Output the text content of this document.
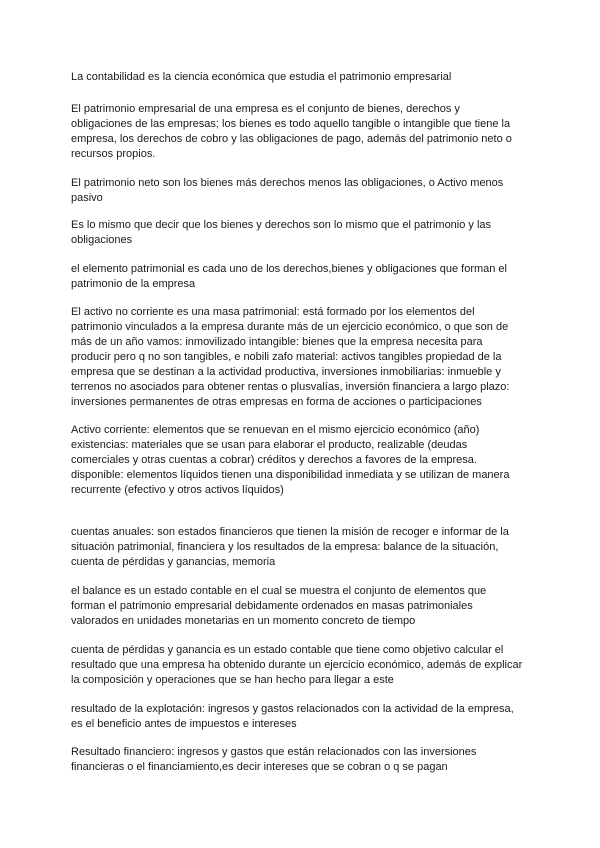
La contabilidad es la ciencia económica que estudia el patrimonio empresarial

El patrimonio empresarial de una empresa es el conjunto de bienes, derechos y
obligaciones de las empresas; los bienes es todo aquello tangible o intangible que tiene la
empresa, los derechos de cobro y las obligaciones de pago, además del patrimonio neto o
recursos propios.

El patrimonio neto son los bienes más derechos menos las obligaciones, o Activo menos
pasivo

Es lo mismo que decir que los bienes y derechos son lo mismo que el patrimonio y las
obligaciones

el elemento patrimonial es cada uno de los derechos,bienes y obligaciones que forman el
patrimonio de la empresa

El activo no corriente es una masa patrimonial: está formado por los elementos del
patrimonio vinculados a la empresa durante más de un ejercicio económico, o que son de
más de un año vamos: inmovilizado intangible: bienes que la empresa necesita para
producir pero q no son tangibles, e nobili zafo material: activos tangibles propiedad de la
empresa que se destinan a la actividad productiva, inversiones inmobiliarias: inmueble y
terrenos no asociados para obtener rentas o plusvalías, inversión financiera a largo plazo:
inversiones permanentes de otras empresas en forma de acciones o participaciones

Activo corriente: elementos que se renuevan en el mismo ejercicio económico (año)
existencias: materiales que se usan para elaborar el producto, realizable (deudas
comerciales y otras cuentas a cobrar) créditos y derechos a favores de la empresa.
disponible: elementos líquidos tienen una disponibilidad inmediata y se utilizan de manera
recurrente (efectivo y otros activos líquidos)

cuentas anuales: son estados financieros que tienen la misión de recoger e informar de la
situación patrimonial, financiera y los resultados de la empresa: balance de la situación,
cuenta de pérdidas y ganancias, memoria

el balance es un estado contable en el cual se muestra el conjunto de elementos que
forman el patrimonio empresarial debidamente ordenados en masas patrimoniales
valorados en unidades monetarias en un momento concreto de tiempo

cuenta de pérdidas y ganancia es un estado contable que tiene como objetivo calcular el
resultado que una empresa ha obtenido durante un ejercicio económico, además de explicar
la composición y operaciones que se han hecho para llegar a este

resultado de la explotación: ingresos y gastos relacionados con la actividad de la empresa,
es el beneficio antes de impuestos e intereses

Resultado financiero: ingresos y gastos que están relacionados con las inversiones
financieras o el financiamiento,es decir intereses que se cobran o q se pagan
